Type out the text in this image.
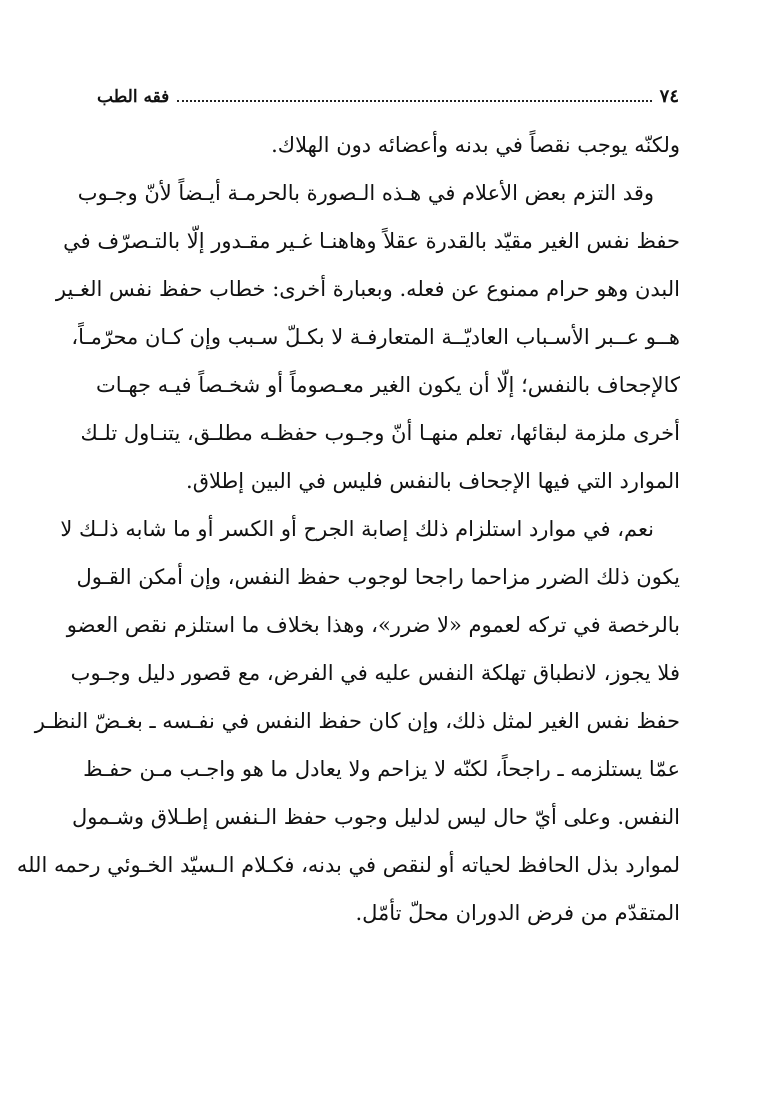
٧٤
فقه الطب
ولكنّه يوجب نقصاً في بدنه وأعضائه دون الهلاك.
وقد التزم بعض الأعلام في هـذه الـصورة بالحرمـة أيـضاً لأنّ وجـوب
حفظ نفس الغير مقيّد بالقدرة عقلاً وهاهنـا غـير مقـدور إلّا بالتـصرّف في
البدن وهو حرام ممنوع عن فعله. وبعبارة أخرى: خطاب حفظ نفس الغـير
هــو عــبر الأسـباب العاديّــة المتعارفـة لا بكـلّ سـبب وإن كـان محرّمـاً،
كالإجحاف بالنفس؛ إلّا أن يكون الغير معـصوماً أو شخـصاً فيـه جهـات
أخرى ملزمة لبقائها، تعلم منهـا أنّ وجـوب حفظـه مطلـق، يتنـاول تلـك
الموارد التي فيها الإجحاف بالنفس فليس في البين إطلاق.
نعم، في موارد استلزام ذلك إصابة الجرح أو الكسر أو ما شابه ذلـك لا
يكون ذلك الضرر مزاحما راجحا لوجوب حفظ النفس، وإن أمكن القـول
بالرخصة في تركه لعموم «لا ضرر»، وهذا بخلاف ما استلزم نقص العضو
فلا يجوز، لانطباق تهلكة النفس عليه في الفرض، مع قصور دليل وجـوب
حفظ نفس الغير لمثل ذلك، وإن كان حفظ النفس في نفـسه ـ بغـضّ النظـر
عمّا يستلزمه ـ راجحاً، لكنّه لا يزاحم ولا يعادل ما هو واجـب مـن حفـظ
النفس. وعلى أيّ حال ليس لدليل وجوب حفظ الـنفس إطـلاق وشـمول
لموارد بذل الحافظ لحياته أو لنقص في بدنه، فكـلام الـسيّد الخـوئي رحمه الله
المتقدّم من فرض الدوران محلّ تأمّل.
